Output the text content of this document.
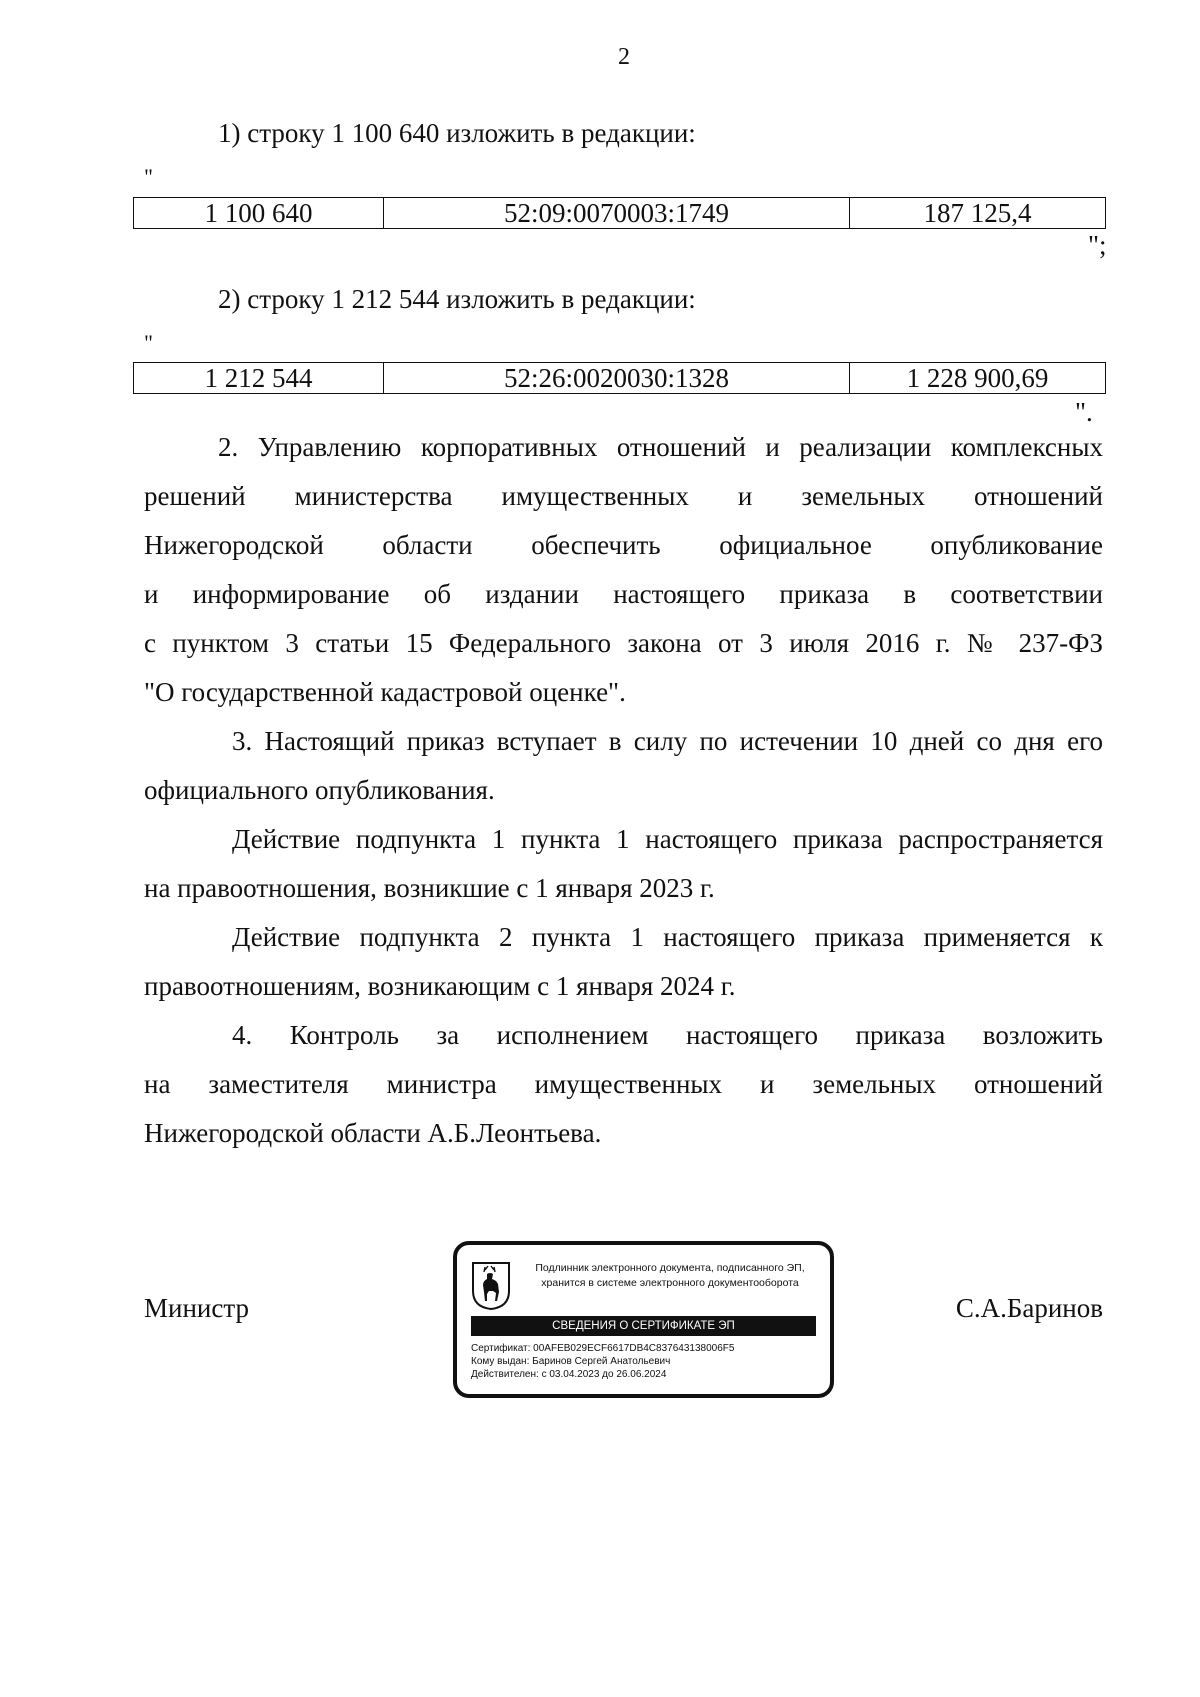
2
1) строку 1 100 640 изложить в редакции:
"
1 100 640	52:09:0070003:1749	187 125,4
";
2) строку 1 212 544 изложить в редакции:
"
1 212 544	52:26:0020030:1328	1 228 900,69
".
2. Управлению корпоративных отношений и реализации комплексных
решений министерства имущественных и земельных отношений
Нижегородской области обеспечить официальное опубликование
и информирование об издании настоящего приказа в соответствии
с пунктом 3 статьи 15 Федерального закона от 3 июля 2016 г. № 237-ФЗ
"О государственной кадастровой оценке".
3. Настоящий приказ вступает в силу по истечении 10 дней со дня его
официального опубликования.
Действие подпункта 1 пункта 1 настоящего приказа распространяется
на правоотношения, возникшие с 1 января 2023 г.
Действие подпункта 2 пункта 1 настоящего приказа применяется к
правоотношениям, возникающим с 1 января 2024 г.
4. Контроль за исполнением настоящего приказа возложить
на заместителя министра имущественных и земельных отношений
Нижегородской области А.Б.Леонтьева.
Министр	С.А.Баринов
Подлинник электронного документа, подписанного ЭП,
хранится в системе электронного документооборота
СВЕДЕНИЯ О СЕРТИФИКАТЕ ЭП
Сертификат: 00AFEB029ECF6617DB4C837643138006F5
Кому выдан: Баринов Сергей Анатольевич
Действителен: с 03.04.2023 до 26.06.2024
